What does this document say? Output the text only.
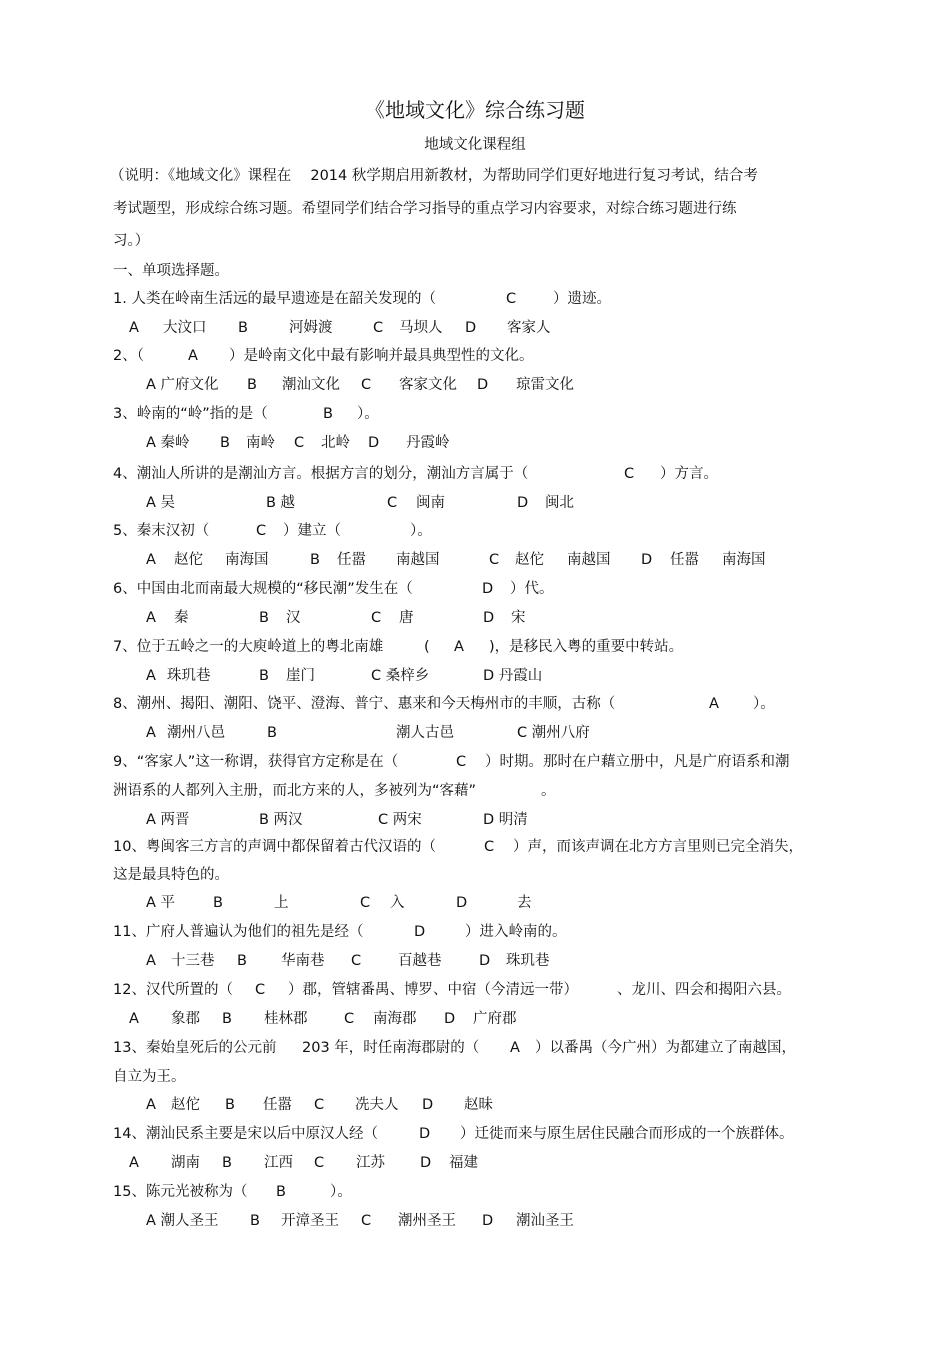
《地域文化》综合练习题
地域文化课程组
（说明：《地域文化》课程在　 2014 秋学期启用新教材，为帮助同学们更好地进行复习考试，结合考
考试题型，形成综合练习题。希望同学们结合学习指导的重点学习内容要求，对综合练习题进行练
习。）
一、单项选择题。
1. 人类在岭南生活远的最早遗迹是在韶关发现的（	C	）遗迹。
A 大汶口 B	河姆渡	C 马坝人 D 客家人
2、（	A ）是岭南文化中最有影响并最具典型性的文化。
A 广府文化 B 潮汕文化 C 客家文化 D 琼雷文化
3、岭南的“岭”指的是（	B ）。
A 秦岭 B 南岭 C 北岭 D 丹霞岭
4、潮汕人所讲的是潮汕方言。根据方言的划分，潮汕方言属于（	C ）方言。
A 吴	B 越	C 闽南	D 闽北
5、秦末汉初（	C ）建立（	）。
A 赵佗 南海国	B 任嚣 南越国	C 赵佗 南越国 D 任嚣 南海国
6、中国由北而南最大规模的“移民潮”发生在（	D ）代。
A 秦	B 汉	C 唐	D 宋
7、位于五岭之一的大庾岭道上的粤北南雄	( A )，是移民入粤的重要中转站。
A 珠玑巷	B 崖门	C 桑梓乡	D 丹霞山
8、潮州、揭阳、潮阳、饶平、澄海、普宁、惠来和今天梅州市的丰顺，古称（	A ）。
A 潮州八邑	B	潮人古邑	C 潮州八府
9、“客家人”这一称谓，获得官方定称是在（	C ）时期。那时在户藉立册中，凡是广府语系和潮
洲语系的人都列入主册，而北方来的人，多被列为“客藉”	。
A 两晋	B 两汉	C 两宋	D 明清
10、粤闽客三方言的声调中都保留着古代汉语的（	C ）声，而该声调在北方方言里则已完全消失，
这是最具特色的。
A 平	B	上	C 入	D	去
11、广府人普遍认为他们的祖先是经（	D	）进入岭南的。
A 十三巷 B 华南巷 C	百越巷	D 珠玑巷
12、汉代所置的（ C ）郡，管辖番禺、博罗、中宿（今清远一带）	、龙川、四会和揭阳六县。
A 象郡 B 桂林郡	C 南海郡 D 广府郡
13、秦始皇死后的公元前 203 年，时任南海郡尉的（ A ）以番禺（今广州）为都建立了南越国，
自立为王。
A 赵佗 B 任嚣 C 冼夫人 D 赵昧
14、潮汕民系主要是宋以后中原汉人经（	D ）迁徙而来与原生居住民融合而形成的一个族群体。
A 湖南 B 江西 C 江苏 D 福建
15、陈元光被称为（ B	）。
A 潮人圣王 B 开漳圣王 C 潮州圣王 D 潮汕圣王
